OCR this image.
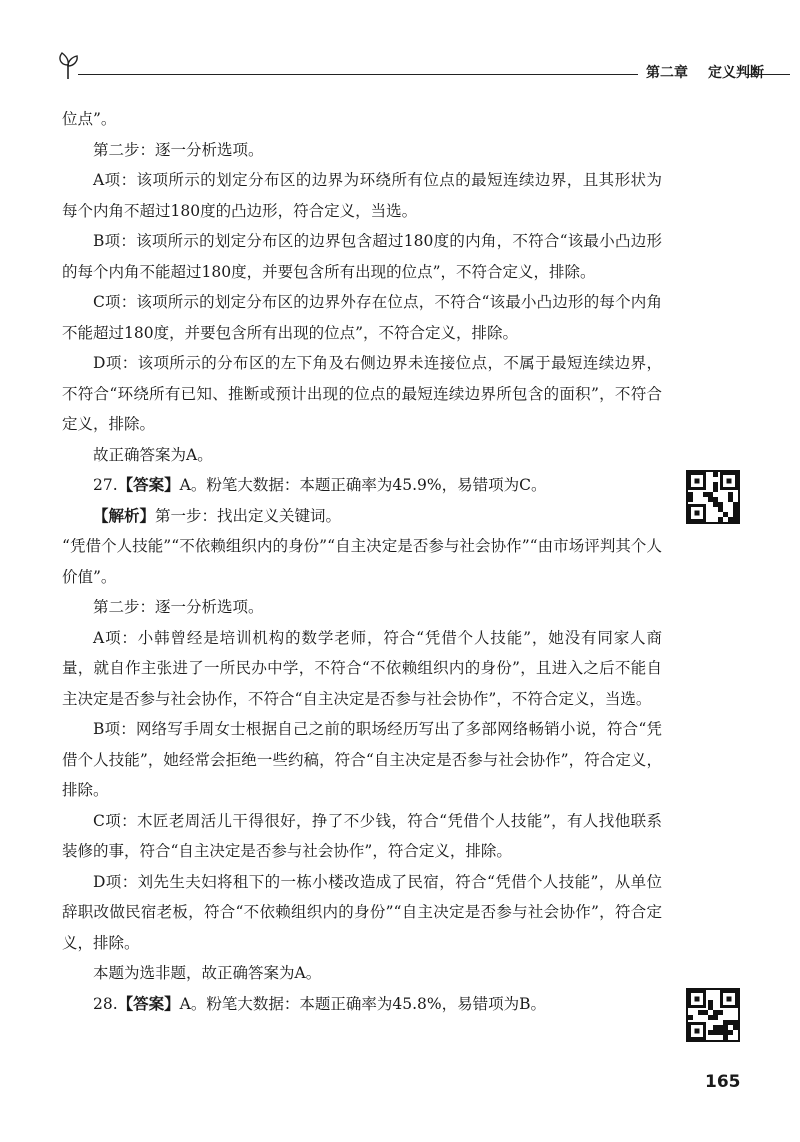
第二章 定义判断

位点”。

第二步：逐一分析选项。

A项：该项所示的划定分布区的边界为环绕所有位点的最短连续边界，且其形状为每个内角不超过180度的凸边形，符合定义，当选。

B项：该项所示的划定分布区的边界包含超过180度的内角，不符合“该最小凸边形的每个内角不能超过180度，并要包含所有出现的位点”，不符合定义，排除。

C项：该项所示的划定分布区的边界外存在位点，不符合“该最小凸边形的每个内角不能超过180度，并要包含所有出现的位点”，不符合定义，排除。

D项：该项所示的分布区的左下角及右侧边界未连接位点，不属于最短连续边界，不符合“环绕所有已知、推断或预计出现的位点的最短连续边界所包含的面积”，不符合定义，排除。

故正确答案为A。

27.【答案】A。粉笔大数据：本题正确率为45.9%，易错项为C。

【解析】第一步：找出定义关键词。

“凭借个人技能”“不依赖组织内的身份”“自主决定是否参与社会协作”“由市场评判其个人价值”。

第二步：逐一分析选项。

A项：小韩曾经是培训机构的数学老师，符合“凭借个人技能”，她没有同家人商量，就自作主张进了一所民办中学，不符合“不依赖组织内的身份”，且进入之后不能自主决定是否参与社会协作，不符合“自主决定是否参与社会协作”，不符合定义，当选。

B项：网络写手周女士根据自己之前的职场经历写出了多部网络畅销小说，符合“凭借个人技能”，她经常会拒绝一些约稿，符合“自主决定是否参与社会协作”，符合定义，排除。

C项：木匠老周活儿干得很好，挣了不少钱，符合“凭借个人技能”，有人找他联系装修的事，符合“自主决定是否参与社会协作”，符合定义，排除。

D项：刘先生夫妇将租下的一栋小楼改造成了民宿，符合“凭借个人技能”，从单位辞职改做民宿老板，符合“不依赖组织内的身份”“自主决定是否参与社会协作”，符合定义，排除。

本题为选非题，故正确答案为A。

28.【答案】A。粉笔大数据：本题正确率为45.8%，易错项为B。

165
